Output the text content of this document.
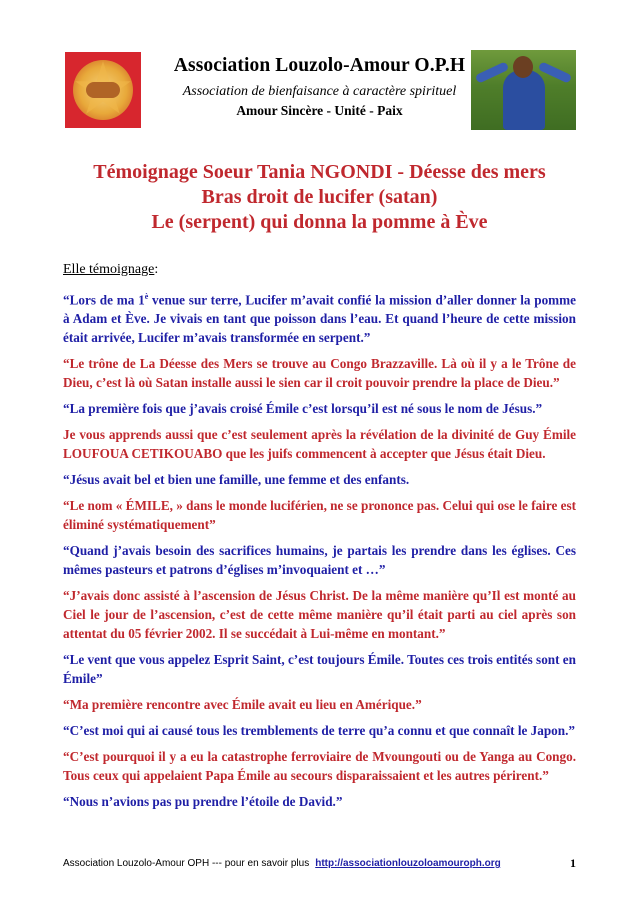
Association Louzolo-Amour O.P.H
Association de bienfaisance à caractère spirituel
Amour Sincère - Unité - Paix
Témoignage Soeur Tania NGONDI - Déesse des mers
Bras droit de lucifer (satan)
Le (serpent) qui donna la pomme à Ève
Elle témoignage:

“Lors de ma $1^è$ venue sur terre, Lucifer m’avait confié la mission d’aller donner la pomme à Adam et Ève. Je vivais en tant que poisson dans l’eau. Et quand l’heure de cette mission était arrivée, Lucifer m’avais transformée en serpent.”

“Le trône de La Déesse des Mers se trouve au Congo Brazzaville. Là où il y a le Trône de Dieu, c’est là où Satan installe aussi le sien car il croit pouvoir prendre la place de Dieu.”

“La première fois que j’avais croisé Émile c’est lorsqu’il est né sous le nom de Jésus.”

Je vous apprends aussi que c’est seulement après la révélation de la divinité de Guy Émile LOUFOUA CETIKOUABO que les juifs commencent à accepter que Jésus était Dieu.

“Jésus avait bel et bien une famille, une femme et des enfants.

“Le nom « ÉMILE, » dans le monde luciférien, ne se prononce pas. Celui qui ose le faire est éliminé systématiquement”

“Quand j’avais besoin des sacrifices humains, je partais les prendre dans les églises. Ces mêmes pasteurs et patrons d’églises m’invoquaient et …”

“J’avais donc assisté à l’ascension de Jésus Christ. De la même manière qu’Il est monté au Ciel le jour de l’ascension, c’est de cette même manière qu’il était parti au ciel après son attentat du 05 février 2002. Il se succédait à Lui-même en montant.”

“Le vent que vous appelez Esprit Saint, c’est toujours Émile. Toutes ces trois entités sont en Émile”

“Ma première rencontre avec Émile avait eu lieu en Amérique.”

“C’est moi qui ai causé tous les tremblements de terre qu’a connu et que connaît le Japon.”

“C’est pourquoi il y a eu la catastrophe ferroviaire de Mvoungouti ou de Yanga au Congo. Tous ceux qui appelaient Papa Émile au secours disparaissaient et les autres périrent.”

“Nous n’avions pas pu prendre l’étoile de David.”

Association Louzolo-Amour OPH --- pour en savoir plus http://associationlouzoloamouroph.org	1
